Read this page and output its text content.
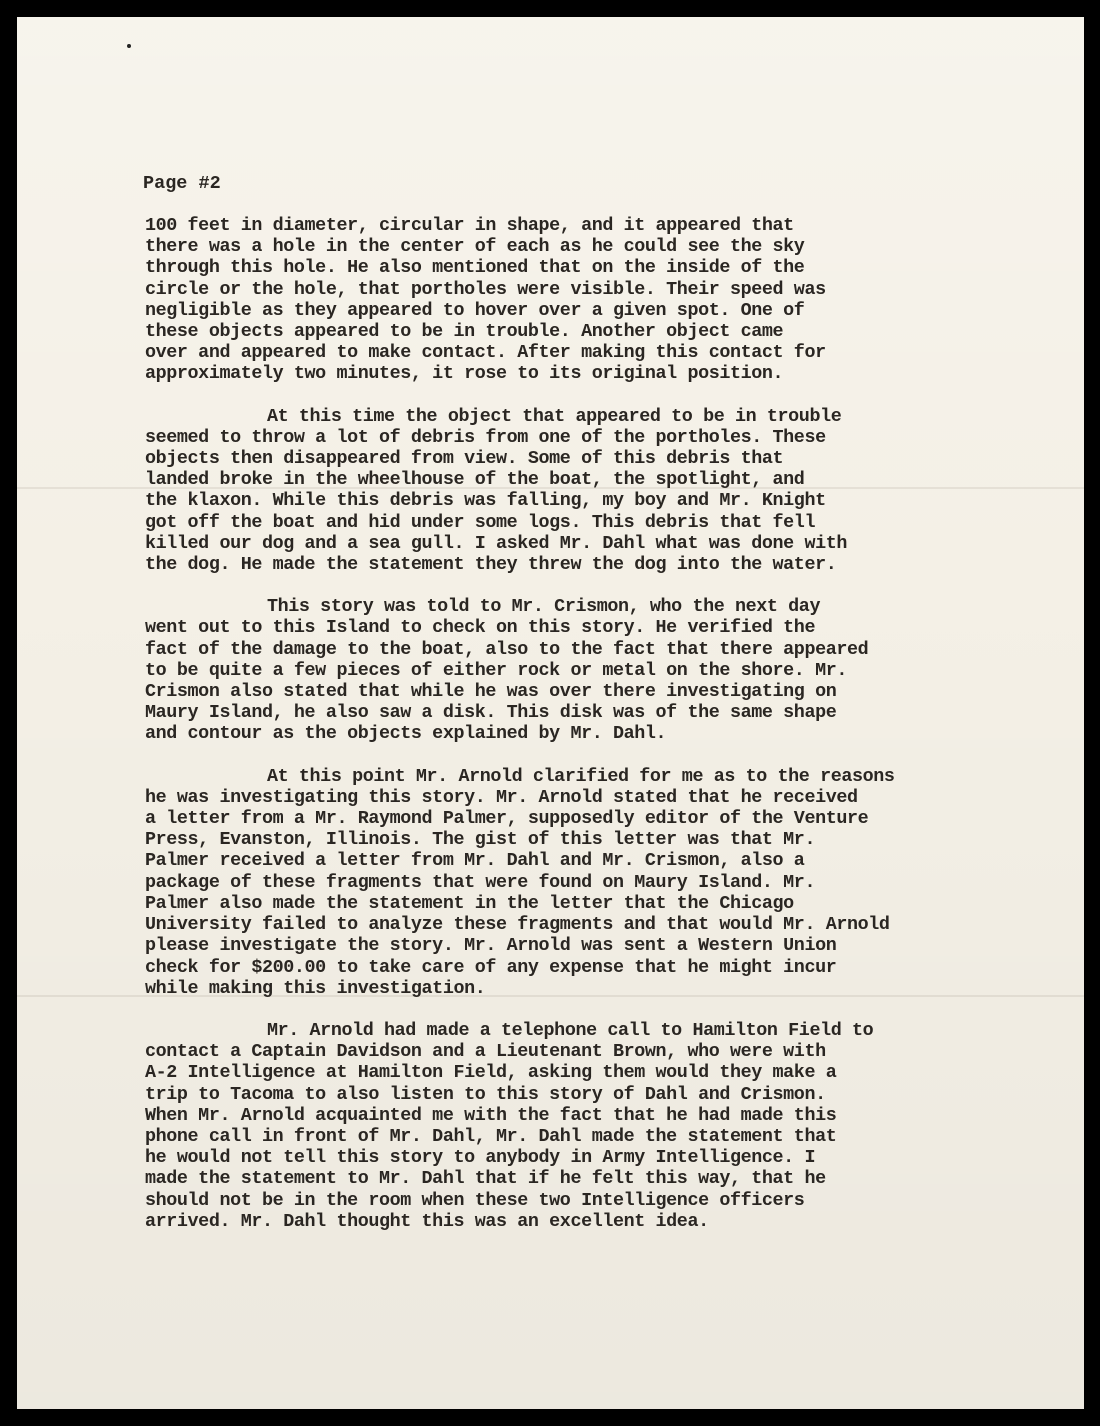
Page #2

100 feet in diameter, circular in shape, and it appeared that
there was a hole in the center of each as he could see the sky
through this hole. He also mentioned that on the inside of the
circle or the hole, that portholes were visible. Their speed was
negligible as they appeared to hover over a given spot. One of
these objects appeared to be in trouble. Another object came
over and appeared to make contact. After making this contact for
approximately two minutes, it rose to its original position.
At this time the object that appeared to be in trouble
seemed to throw a lot of debris from one of the portholes. These
objects then disappeared from view. Some of this debris that
landed broke in the wheelhouse of the boat, the spotlight, and
the klaxon. While this debris was falling, my boy and Mr. Knight
got off the boat and hid under some logs. This debris that fell
killed our dog and a sea gull. I asked Mr. Dahl what was done with
the dog. He made the statement they threw the dog into the water.
This story was told to Mr. Crismon, who the next day
went out to this Island to check on this story. He verified the
fact of the damage to the boat, also to the fact that there appeared
to be quite a few pieces of either rock or metal on the shore. Mr.
Crismon also stated that while he was over there investigating on
Maury Island, he also saw a disk. This disk was of the same shape
and contour as the objects explained by Mr. Dahl.
At this point Mr. Arnold clarified for me as to the reasons
he was investigating this story. Mr. Arnold stated that he received
a letter from a Mr. Raymond Palmer, supposedly editor of the Venture
Press, Evanston, Illinois. The gist of this letter was that Mr.
Palmer received a letter from Mr. Dahl and Mr. Crismon, also a
package of these fragments that were found on Maury Island. Mr.
Palmer also made the statement in the letter that the Chicago
University failed to analyze these fragments and that would Mr. Arnold
please investigate the story. Mr. Arnold was sent a Western Union
check for $200.00 to take care of any expense that he might incur
while making this investigation.
Mr. Arnold had made a telephone call to Hamilton Field to
contact a Captain Davidson and a Lieutenant Brown, who were with
A-2 Intelligence at Hamilton Field, asking them would they make a
trip to Tacoma to also listen to this story of Dahl and Crismon.
When Mr. Arnold acquainted me with the fact that he had made this
phone call in front of Mr. Dahl, Mr. Dahl made the statement that
he would not tell this story to anybody in Army Intelligence. I
made the statement to Mr. Dahl that if he felt this way, that he
should not be in the room when these two Intelligence officers
arrived. Mr. Dahl thought this was an excellent idea.
